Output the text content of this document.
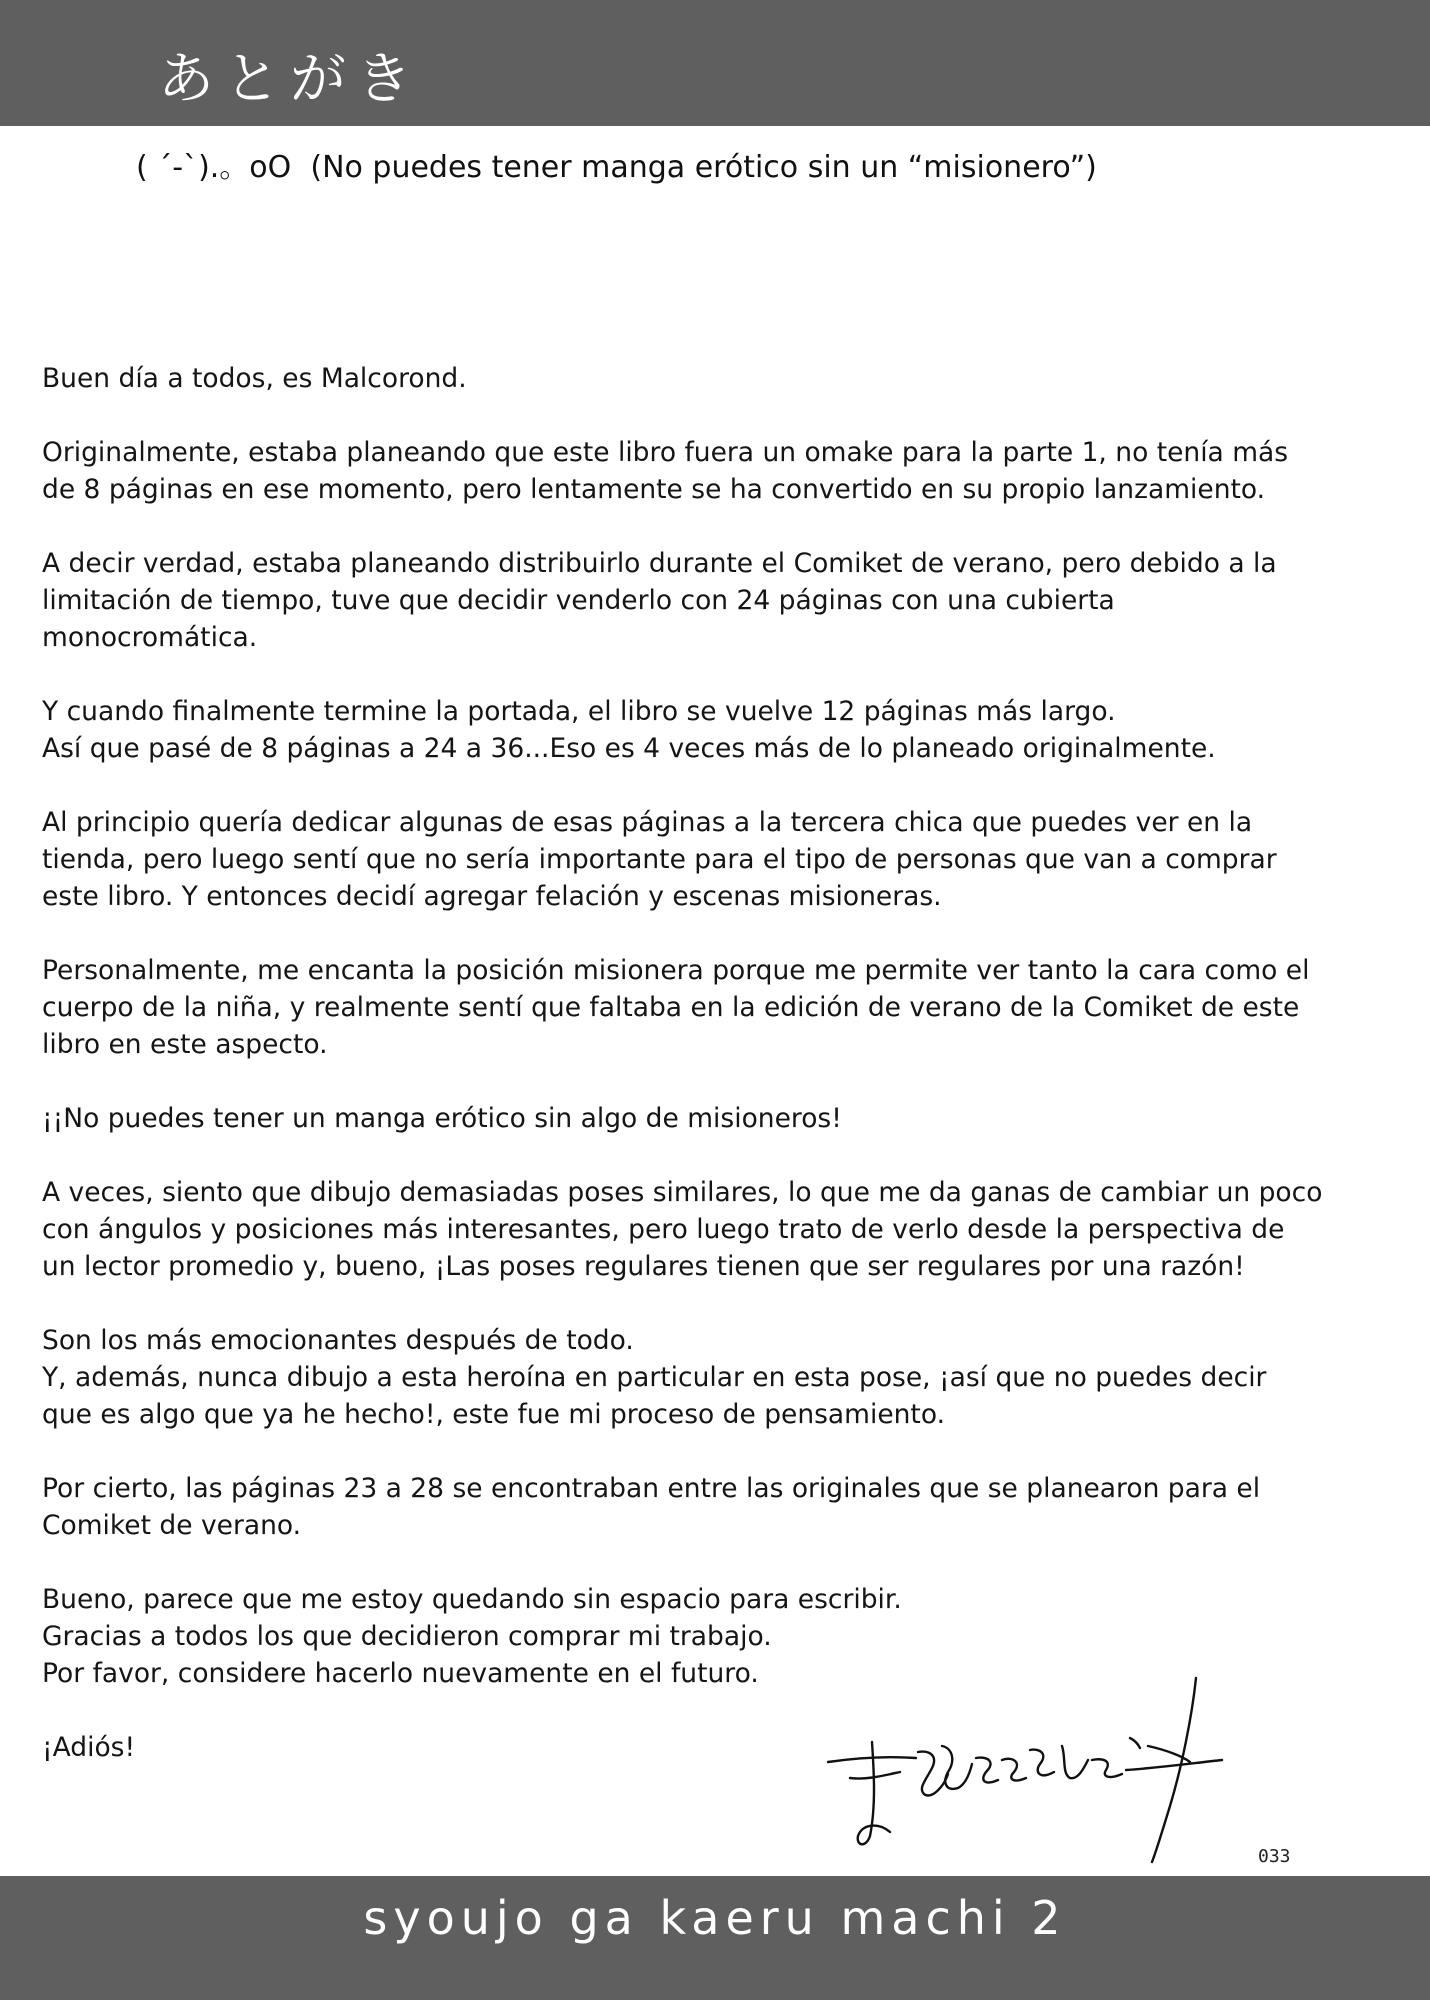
あとがき
( ´-`).。oO (No puedes tener manga erótico sin un “misionero”)

Buen día a todos, es Malcorond.

Originalmente, estaba planeando que este libro fuera un omake para la parte 1, no tenía más
de 8 páginas en ese momento, pero lentamente se ha convertido en su propio lanzamiento.

A decir verdad, estaba planeando distribuirlo durante el Comiket de verano, pero debido a la
limitación de tiempo, tuve que decidir venderlo con 24 páginas con una cubierta
monocromática.

Y cuando finalmente termine la portada, el libro se vuelve 12 páginas más largo.
Así que pasé de 8 páginas a 24 a 36...Eso es 4 veces más de lo planeado originalmente.

Al principio quería dedicar algunas de esas páginas a la tercera chica que puedes ver en la
tienda, pero luego sentí que no sería importante para el tipo de personas que van a comprar
este libro. Y entonces decidí agregar felación y escenas misioneras.

Personalmente, me encanta la posición misionera porque me permite ver tanto la cara como el
cuerpo de la niña, y realmente sentí que faltaba en la edición de verano de la Comiket de este
libro en este aspecto.

¡¡No puedes tener un manga erótico sin algo de misioneros!

A veces, siento que dibujo demasiadas poses similares, lo que me da ganas de cambiar un poco
con ángulos y posiciones más interesantes, pero luego trato de verlo desde la perspectiva de
un lector promedio y, bueno, ¡Las poses regulares tienen que ser regulares por una razón!

Son los más emocionantes después de todo.
Y, además, nunca dibujo a esta heroína en particular en esta pose, ¡así que no puedes decir
que es algo que ya he hecho!, este fue mi proceso de pensamiento.

Por cierto, las páginas 23 a 28 se encontraban entre las originales que se planearon para el
Comiket de verano.

Bueno, parece que me estoy quedando sin espacio para escribir.
Gracias a todos los que decidieron comprar mi trabajo.
Por favor, considere hacerlo nuevamente en el futuro.

¡Adiós!

033
syoujo ga kaeru machi 2
